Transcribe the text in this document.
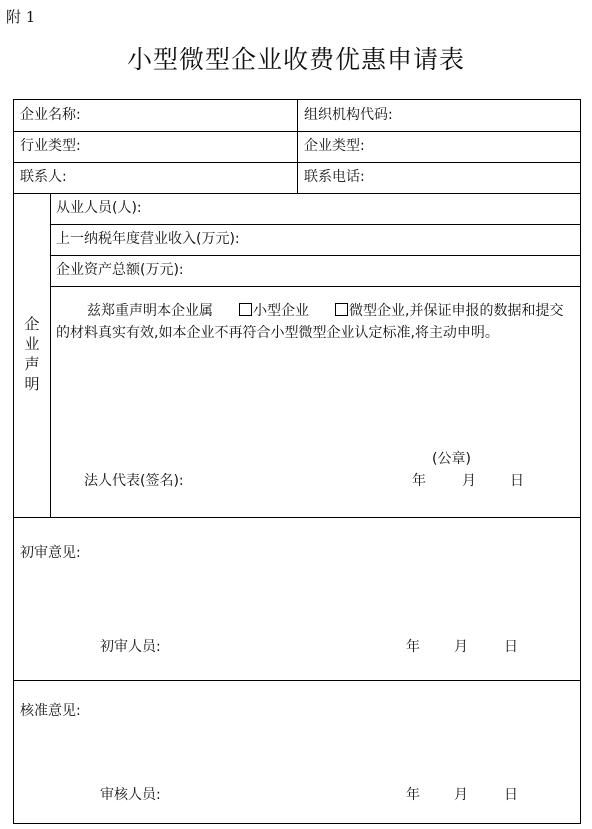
附 1
小型微型企业收费优惠申请表
企业名称:	组织机构代码:
行业类型:	企业类型:
联系人:	联系电话:
企
业
声
明
从业人员(人):
上一纳税年度营业收入(万元):
企业资产总额(万元):
兹郑重声明本企业属	小型企业	微型企业,并保证申报的数据和提交的材料真实有效,如本企业不再符合小型微型企业认定标准,将主动申明。
(公章)
法人代表(签名):	年	月 日
初审意见:
初审人员:	年 月	日
核准意见:
审核人员:	年 月	日
